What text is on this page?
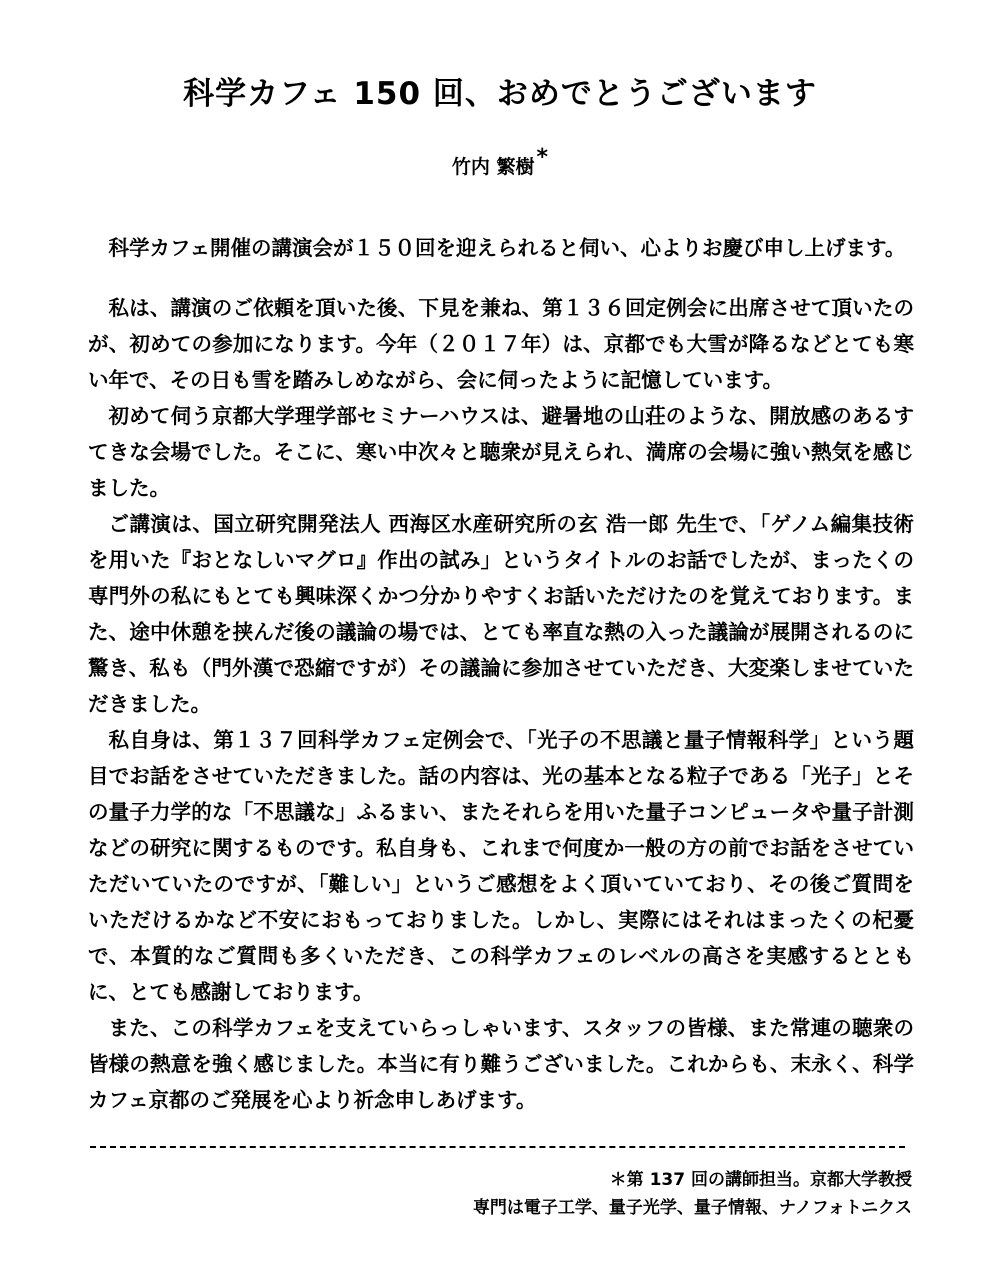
科学カフェ 150 回、おめでとうございます
竹内 繁樹*

科学カフェ開催の講演会が１５０回を迎えられると伺い、心よりお慶び申し上げます。

私は、講演のご依頼を頂いた後、下見を兼ね、第１３６回定例会に出席させて頂いたのが、初めての参加になります。今年（２０１７年）は、京都でも大雪が降るなどとても寒い年で、その日も雪を踏みしめながら、会に伺ったように記憶しています。

初めて伺う京都大学理学部セミナーハウスは、避暑地の山荘のような、開放感のあるすてきな会場でした。そこに、寒い中次々と聴衆が見えられ、満席の会場に強い熱気を感じました。

ご講演は、国立研究開発法人 西海区水産研究所の玄 浩一郎 先生で、「ゲノム編集技術を用いた『おとなしいマグロ』作出の試み」というタイトルのお話でしたが、まったくの専門外の私にもとても興味深くかつ分かりやすくお話いただけたのを覚えております。また、途中休憩を挟んだ後の議論の場では、とても率直な熱の入った議論が展開されるのに驚き、私も（門外漢で恐縮ですが）その議論に参加させていただき、大変楽しませていただきました。

私自身は、第１３７回科学カフェ定例会で、「光子の不思議と量子情報科学」という題目でお話をさせていただきました。話の内容は、光の基本となる粒子である「光子」とその量子力学的な「不思議な」ふるまい、またそれらを用いた量子コンピュータや量子計測などの研究に関するものです。私自身も、これまで何度か一般の方の前でお話をさせていただいていたのですが、「難しい」というご感想をよく頂いていており、その後ご質問をいただけるかなど不安におもっておりました。しかし、実際にはそれはまったくの杞憂で、本質的なご質問も多くいただき、この科学カフェのレベルの高さを実感するとともに、とても感謝しております。

また、この科学カフェを支えていらっしゃいます、スタッフの皆様、また常連の聴衆の皆様の熱意を強く感じました。本当に有り難うございました。これからも、末永く、科学カフェ京都のご発展を心より祈念申しあげます。

＊第 137 回の講師担当。京都大学教授
専門は電子工学、量子光学、量子情報、ナノフォトニクス
